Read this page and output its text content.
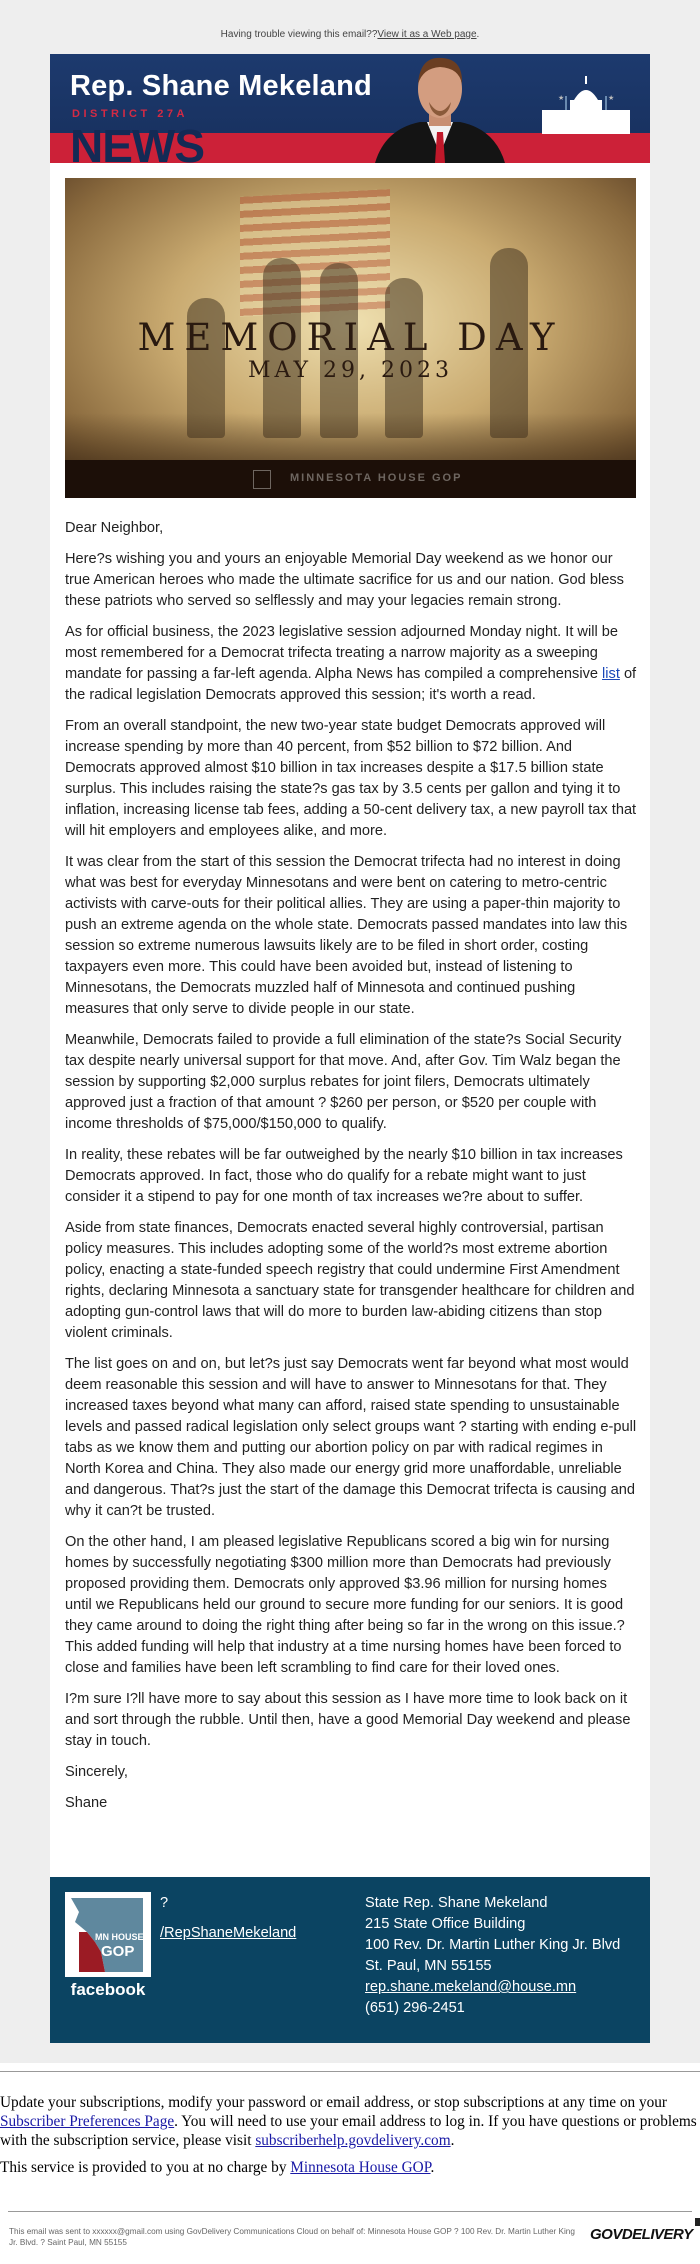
Having trouble viewing this email??View it as a Web page.
Rep. Shane Mekeland
DISTRICT 27A
NEWS
★	★
MEMORIAL DAY
MAY 29, 2023
MINNESOTA HOUSE GOP

Dear Neighbor,

Here?s wishing you and yours an enjoyable Memorial Day weekend as we honor our true American heroes who made the ultimate sacrifice for us and our nation. God bless these patriots who served so selflessly and may your legacies remain strong.

As for official business, the 2023 legislative session adjourned Monday night. It will be most remembered for a Democrat trifecta treating a narrow majority as a sweeping mandate for passing a far-left agenda. Alpha News has compiled a comprehensive list of the radical legislation Democrats approved this session; it's worth a read.

From an overall standpoint, the new two-year state budget Democrats approved will increase spending by more than 40 percent, from $52 billion to $72 billion. And Democrats approved almost $10 billion in tax increases despite a $17.5 billion state surplus. This includes raising the state?s gas tax by 3.5 cents per gallon and tying it to inflation, increasing license tab fees, adding a 50-cent delivery tax, a new payroll tax that will hit employers and employees alike, and more.

It was clear from the start of this session the Democrat trifecta had no interest in doing what was best for everyday Minnesotans and were bent on catering to metro-centric activists with carve-outs for their political allies. They are using a paper-thin majority to push an extreme agenda on the whole state. Democrats passed mandates into law this session so extreme numerous lawsuits likely are to be filed in short order, costing taxpayers even more. This could have been avoided but, instead of listening to Minnesotans, the Democrats muzzled half of Minnesota and continued pushing measures that only serve to divide people in our state.

Meanwhile, Democrats failed to provide a full elimination of the state?s Social Security tax despite nearly universal support for that move. And, after Gov. Tim Walz began the session by supporting $2,000 surplus rebates for joint filers, Democrats ultimately approved just a fraction of that amount ? $260 per person, or $520 per couple with income thresholds of $75,000/$150,000 to qualify.

In reality, these rebates will be far outweighed by the nearly $10 billion in tax increases Democrats approved. In fact, those who do qualify for a rebate might want to just consider it a stipend to pay for one month of tax increases we?re about to suffer.

Aside from state finances, Democrats enacted several highly controversial, partisan policy measures. This includes adopting some of the world?s most extreme abortion policy, enacting a state-funded speech registry that could undermine First Amendment rights, declaring Minnesota a sanctuary state for transgender healthcare for children and adopting gun-control laws that will do more to burden law-abiding citizens than stop violent criminals.

The list goes on and on, but let?s just say Democrats went far beyond what most would deem reasonable this session and will have to answer to Minnesotans for that. They increased taxes beyond what many can afford, raised state spending to unsustainable levels and passed radical legislation only select groups want ? starting with ending e-pull tabs as we know them and putting our abortion policy on par with radical regimes in North Korea and China. They also made our energy grid more unaffordable, unreliable and dangerous. That?s just the start of the damage this Democrat trifecta is causing and why it can?t be trusted.

On the other hand, I am pleased legislative Republicans scored a big win for nursing homes by successfully negotiating $300 million more than Democrats had previously proposed providing them. Democrats only approved $3.96 million for nursing homes until we Republicans held our ground to secure more funding for our seniors. It is good they came around to doing the right thing after being so far in the wrong on this issue.?This added funding will help that industry at a time nursing homes have been forced to close and families have been left scrambling to find care for their loved ones.

I?m sure I?ll have more to say about this session as I have more time to look back on it and sort through the rubble. Until then, have a good Memorial Day weekend and please stay in touch.

Sincerely,

Shane

MN HOUSE
GOP
facebook
?
/RepShaneMekeland
State Rep. Shane Mekeland
215 State Office Building
100 Rev. Dr. Martin Luther King Jr. Blvd
St. Paul, MN 55155
rep.shane.mekeland@house.mn
(651) 296-2451
Update your subscriptions, modify your password or email address, or stop subscriptions at any time on your Subscriber Preferences Page. You will need to use your email address to log in. If you have questions or problems with the subscription service, please visit subscriberhelp.govdelivery.com.
This service is provided to you at no charge by Minnesota House GOP.
This email was sent to xxxxxx@gmail.com using GovDelivery Communications Cloud on behalf of: Minnesota House GOP ? 100 Rev. Dr. Martin Luther King Jr. Blvd. ? Saint Paul, MN 55155	GOVDELIVERY
